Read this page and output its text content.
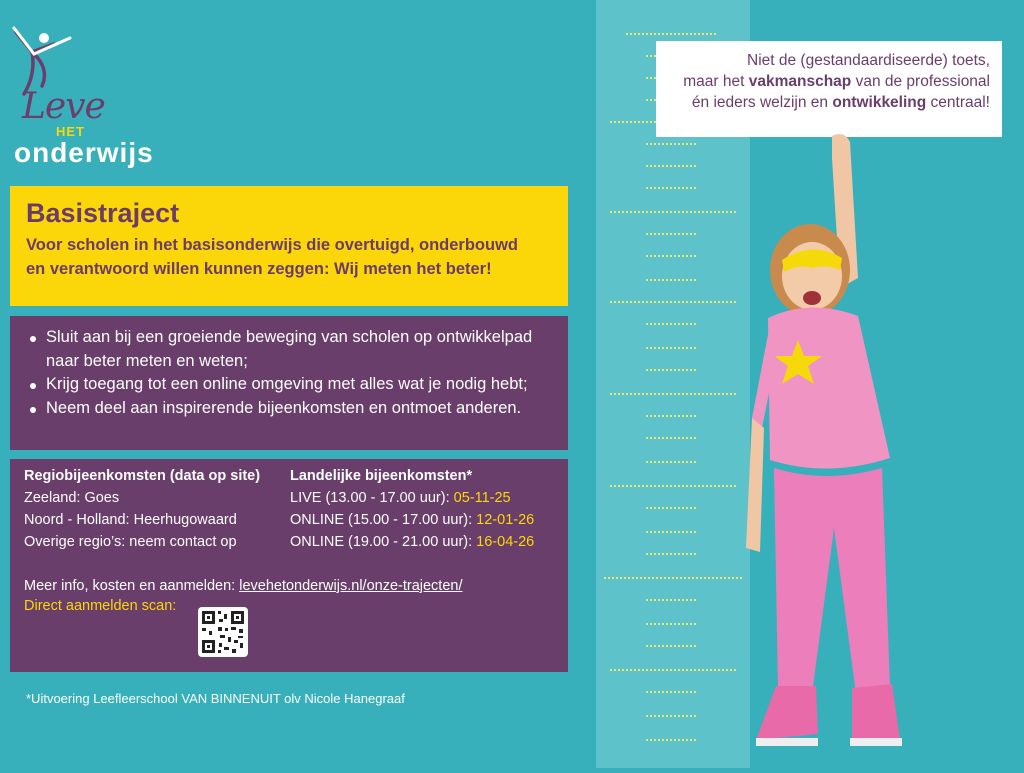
Leve
HET
onderwijs
Basistraject

Voor scholen in het basisonderwijs die overtuigd, onderbouwd
en verantwoord willen kunnen zeggen: Wij meten het beter!

Sluit aan bij een groeiende beweging van scholen op ontwikkelpad
naar beter meten en weten;
Krijg toegang tot een online omgeving met alles wat je nodig hebt;
Neem deel aan inspirerende bijeenkomsten en ontmoet anderen.
Regiobijeenkomsten (data op site)
Zeeland: Goes
Noord - Holland: Heerhugowaard
Overige regio’s: neem contact op
Landelijke bijeenkomsten*
LIVE (13.00 - 17.00 uur): 05-11-25
ONLINE (15.00 - 17.00 uur): 12-01-26
ONLINE (19.00 - 21.00 uur): 16-04-26
Meer info, kosten en aanmelden: levehetonderwijs.nl/onze-trajecten/
Direct aanmelden scan:
*Uitvoering Leefleerschool VAN BINNENUIT olv Nicole Hanegraaf
Niet de (gestandaardiseerde) toets,
maar het vakmanschap van de professional
én ieders welzijn en ontwikkeling centraal!
